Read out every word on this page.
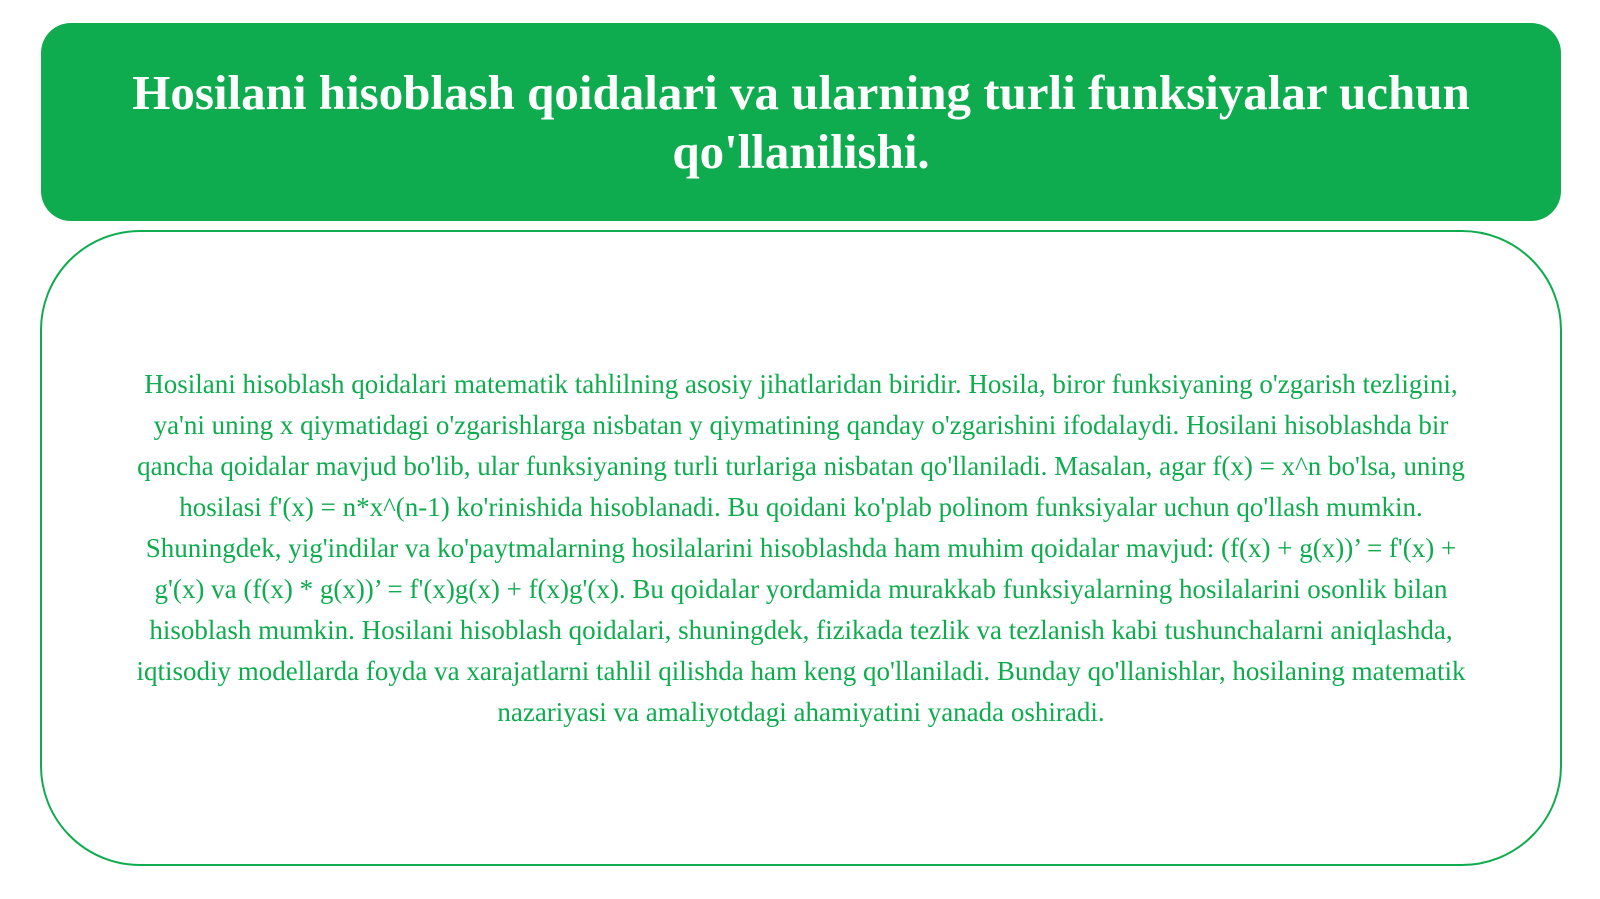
Hosilani hisoblash qoidalari va ularning turli funksiyalar uchun qo'llanilishi.

Hosilani hisoblash qoidalari matematik tahlilning asosiy jihatlaridan biridir. Hosila, biror funksiyaning o'zgarish tezligini, ya'ni uning x qiymatidagi o'zgarishlarga nisbatan y qiymatining qanday o'zgarishini ifodalaydi. Hosilani hisoblashda bir qancha qoidalar mavjud bo'lib, ular funksiyaning turli turlariga nisbatan qo'llaniladi. Masalan, agar f(x) = x^n bo'lsa, uning hosilasi f'(x) = n*x^(n-1) ko'rinishida hisoblanadi. Bu qoidani ko'plab polinom funksiyalar uchun qo'llash mumkin. Shuningdek, yig'indilar va ko'paytmalarning hosilalarini hisoblashda ham muhim qoidalar mavjud: (f(x) + g(x))’ = f'(x) + g'(x) va (f(x) * g(x))’ = f'(x)g(x) + f(x)g'(x). Bu qoidalar yordamida murakkab funksiyalarning hosilalarini osonlik bilan hisoblash mumkin. Hosilani hisoblash qoidalari, shuningdek, fizikada tezlik va tezlanish kabi tushunchalarni aniqlashda, iqtisodiy modellarda foyda va xarajatlarni tahlil qilishda ham keng qo'llaniladi. Bunday qo'llanishlar, hosilaning matematik nazariyasi va amaliyotdagi ahamiyatini yanada oshiradi.
